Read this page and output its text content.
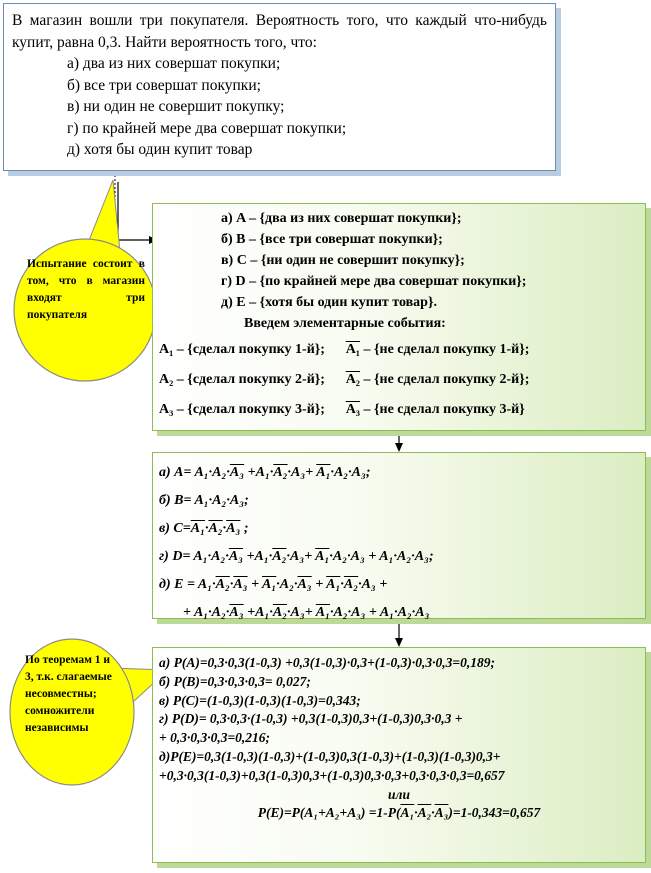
В магазин вошли три покупателя. Вероятность того, что каждый что-нибудь купит, равна 0,3. Найти вероятность того, что:
а) два из них совершат покупки;
б) все три совершат покупки;
в) ни один не совершит покупку;
г) по крайней мере два совершат покупки;
д) хотя бы один купит товар
Испытание состоит в том, что в магазин входят три покупателя
а) A – {два из них совершат покупки};
б) B – {все три совершат покупки};
в) C – {ни один не совершит покупку};
г) D – {по крайней мере два совершат покупки};
д) E – {хотя бы один купит товар}.
Введем элементарные события:
A₁ – {сделал покупку 1-й}; A₁ – {не сделал покупку 1-й};
A₂ – {сделал покупку 2-й}; A₂ – {не сделал покупку 2-й};
A₃ – {сделал покупку 3-й}; A₃ – {не сделал покупку 3-й}
а) A= A₁·A₂·A₃ +A₁·A₂·A₃+ A₁·A₂·A₃;
б) B= A₁·A₂·A₃;
в) C=A₁·A₂·A₃ ;
г) D= A₁·A₂·A₃ +A₁·A₂·A₃+ A₁·A₂·A₃ + A₁·A₂·A₃;
д) E = A₁·A₂·A₃ + A₁·A₂·A₃ + A₁·A₂·A₃ +
+ A₁·A₂·A₃ +A₁·A₂·A₃+ A₁·A₂·A₃ + A₁·A₂·A₃
а) P(A)=0,3·0,3(1-0,3) +0,3(1-0,3)·0,3+(1-0,3)·0,3·0,3=0,189;
б) P(B)=0,3·0,3·0,3= 0,027;
в) P(C)=(1-0,3)(1-0,3)(1-0,3)=0,343;
г) P(D)= 0,3·0,3·(1-0,3) +0,3(1-0,3)0,3+(1-0,3)0,3·0,3 +
+ 0,3·0,3·0,3=0,216;
д)P(E)=0,3(1-0,3)(1-0,3)+(1-0,3)0,3(1-0,3)+(1-0,3)(1-0,3)0,3+
+0,3·0,3(1-0,3)+0,3(1-0,3)0,3+(1-0,3)0,3·0,3+0,3·0,3·0,3=0,657
или
P(E)=P(A₁+A₂+A₃) =1-P(A₁·A₂·A₃)=1-0,343=0,657
По теоремам 1 и 3, т.к. слагаемые несовместны; сомножители независимы
